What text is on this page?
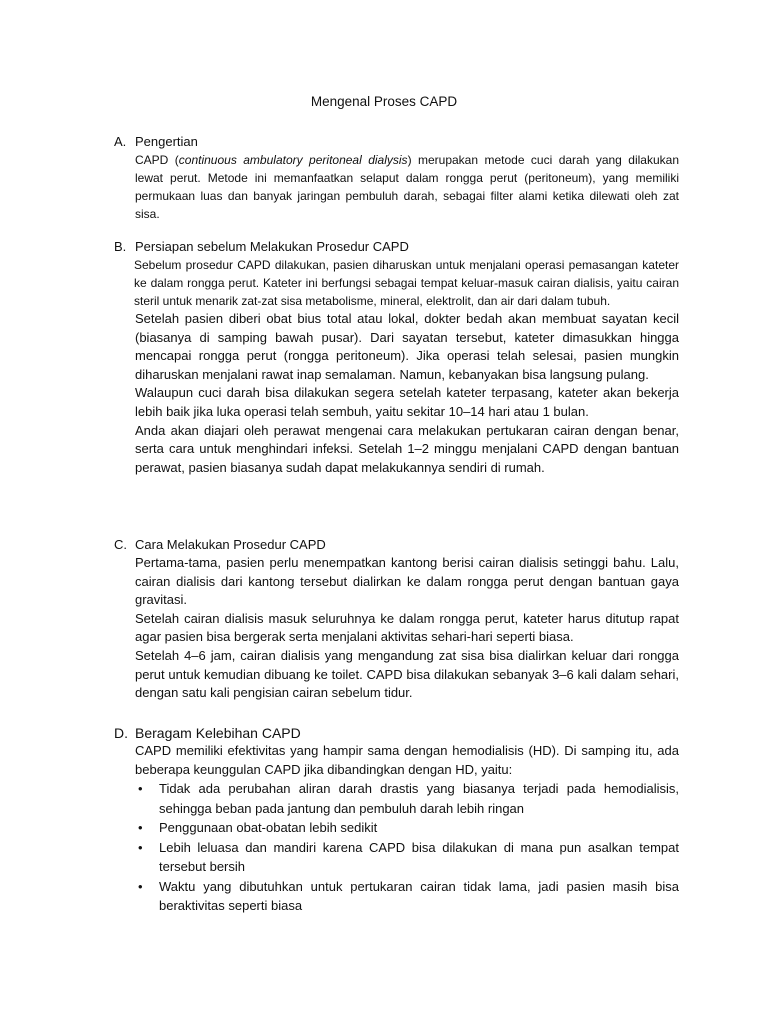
Mengenal Proses CAPD
A. Pengertian
CAPD (continuous ambulatory peritoneal dialysis) merupakan metode cuci darah yang dilakukan lewat perut. Metode ini memanfaatkan selaput dalam rongga perut (peritoneum), yang memiliki permukaan luas dan banyak jaringan pembuluh darah, sebagai filter alami ketika dilewati oleh zat sisa.
B. Persiapan sebelum Melakukan Prosedur CAPD
Sebelum prosedur CAPD dilakukan, pasien diharuskan untuk menjalani operasi pemasangan kateter ke dalam rongga perut. Kateter ini berfungsi sebagai tempat keluar-masuk cairan dialisis, yaitu cairan steril untuk menarik zat-zat sisa metabolisme, mineral, elektrolit, dan air dari dalam tubuh.
Setelah pasien diberi obat bius total atau lokal, dokter bedah akan membuat sayatan kecil (biasanya di samping bawah pusar). Dari sayatan tersebut, kateter dimasukkan hingga mencapai rongga perut (rongga peritoneum). Jika operasi telah selesai, pasien mungkin diharuskan menjalani rawat inap semalaman. Namun, kebanyakan bisa langsung pulang.
Walaupun cuci darah bisa dilakukan segera setelah kateter terpasang, kateter akan bekerja lebih baik jika luka operasi telah sembuh, yaitu sekitar 10–14 hari atau 1 bulan.
Anda akan diajari oleh perawat mengenai cara melakukan pertukaran cairan dengan benar, serta cara untuk menghindari infeksi. Setelah 1–2 minggu menjalani CAPD dengan bantuan perawat, pasien biasanya sudah dapat melakukannya sendiri di rumah.
C. Cara Melakukan Prosedur CAPD
Pertama-tama, pasien perlu menempatkan kantong berisi cairan dialisis setinggi bahu. Lalu, cairan dialisis dari kantong tersebut dialirkan ke dalam rongga perut dengan bantuan gaya gravitasi.
Setelah cairan dialisis masuk seluruhnya ke dalam rongga perut, kateter harus ditutup rapat agar pasien bisa bergerak serta menjalani aktivitas sehari-hari seperti biasa.
Setelah 4–6 jam, cairan dialisis yang mengandung zat sisa bisa dialirkan keluar dari rongga perut untuk kemudian dibuang ke toilet. CAPD bisa dilakukan sebanyak 3–6 kali dalam sehari, dengan satu kali pengisian cairan sebelum tidur.
D. Beragam Kelebihan CAPD
CAPD memiliki efektivitas yang hampir sama dengan hemodialisis (HD). Di samping itu, ada beberapa keunggulan CAPD jika dibandingkan dengan HD, yaitu:
• Tidak ada perubahan aliran darah drastis yang biasanya terjadi pada hemodialisis, sehingga beban pada jantung dan pembuluh darah lebih ringan
• Penggunaan obat-obatan lebih sedikit
• Lebih leluasa dan mandiri karena CAPD bisa dilakukan di mana pun asalkan tempat tersebut bersih
• Waktu yang dibutuhkan untuk pertukaran cairan tidak lama, jadi pasien masih bisa beraktivitas seperti biasa
